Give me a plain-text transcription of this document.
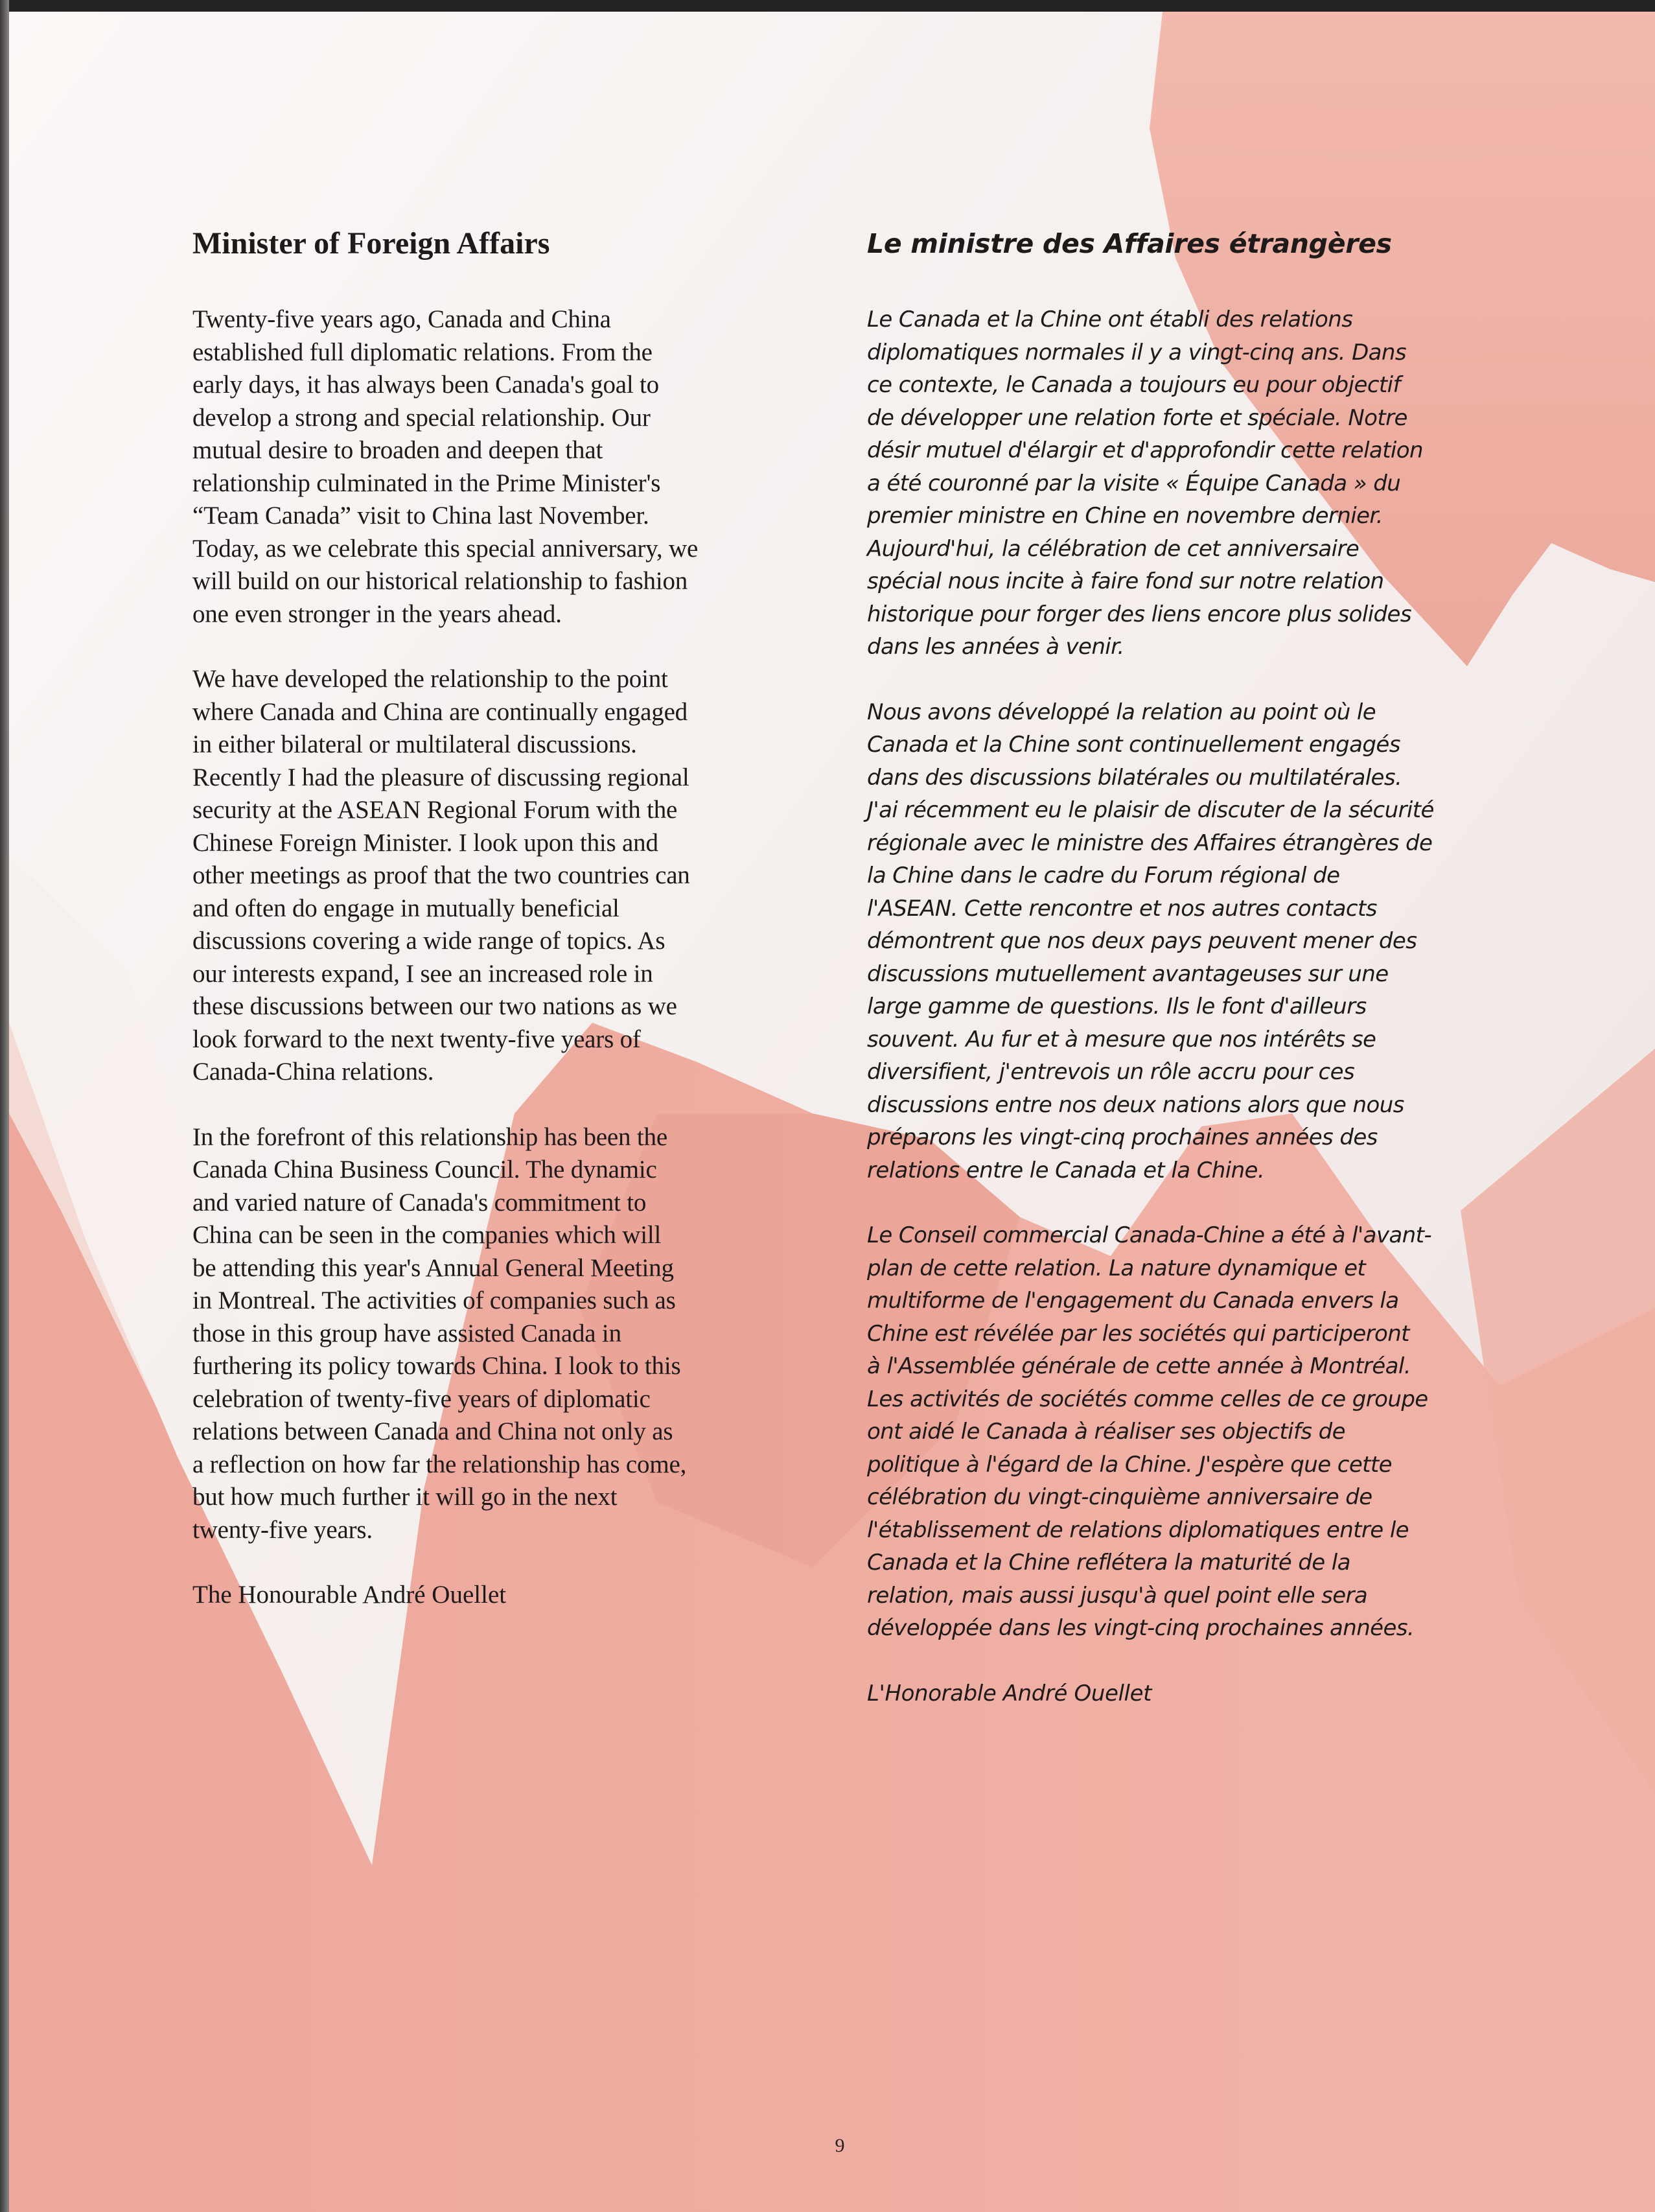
Minister of Foreign Affairs

Twenty-five years ago, Canada and China
established full diplomatic relations. From the
early days, it has always been Canada's goal to
develop a strong and special relationship. Our
mutual desire to broaden and deepen that
relationship culminated in the Prime Minister's
“Team Canada” visit to China last November.
Today, as we celebrate this special anniversary, we
will build on our historical relationship to fashion
one even stronger in the years ahead.

We have developed the relationship to the point
where Canada and China are continually engaged
in either bilateral or multilateral discussions.
Recently I had the pleasure of discussing regional
security at the ASEAN Regional Forum with the
Chinese Foreign Minister. I look upon this and
other meetings as proof that the two countries can
and often do engage in mutually beneficial
discussions covering a wide range of topics. As
our interests expand, I see an increased role in
these discussions between our two nations as we
look forward to the next twenty-five years of
Canada-China relations.

In the forefront of this relationship has been the
Canada China Business Council. The dynamic
and varied nature of Canada's commitment to
China can be seen in the companies which will
be attending this year's Annual General Meeting
in Montreal. The activities of companies such as
those in this group have assisted Canada in
furthering its policy towards China. I look to this
celebration of twenty-five years of diplomatic
relations between Canada and China not only as
a reflection on how far the relationship has come,
but how much further it will go in the next
twenty-five years.

The Honourable André Ouellet

Le ministre des Affaires étrangères

Le Canada et la Chine ont établi des relations
diplomatiques normales il y a vingt-cinq ans. Dans
ce contexte, le Canada a toujours eu pour objectif
de développer une relation forte et spéciale. Notre
désir mutuel d'élargir et d'approfondir cette relation
a été couronné par la visite « Équipe Canada » du
premier ministre en Chine en novembre dernier.
Aujourd'hui, la célébration de cet anniversaire
spécial nous incite à faire fond sur notre relation
historique pour forger des liens encore plus solides
dans les années à venir.

Nous avons développé la relation au point où le
Canada et la Chine sont continuellement engagés
dans des discussions bilatérales ou multilatérales.
J'ai récemment eu le plaisir de discuter de la sécurité
régionale avec le ministre des Affaires étrangères de
la Chine dans le cadre du Forum régional de
l'ASEAN. Cette rencontre et nos autres contacts
démontrent que nos deux pays peuvent mener des
discussions mutuellement avantageuses sur une
large gamme de questions. Ils le font d'ailleurs
souvent. Au fur et à mesure que nos intérêts se
diversifient, j'entrevois un rôle accru pour ces
discussions entre nos deux nations alors que nous
préparons les vingt-cinq prochaines années des
relations entre le Canada et la Chine.

Le Conseil commercial Canada-Chine a été à l'avant-
plan de cette relation. La nature dynamique et
multiforme de l'engagement du Canada envers la
Chine est révélée par les sociétés qui participeront
à l'Assemblée générale de cette année à Montréal.
Les activités de sociétés comme celles de ce groupe
ont aidé le Canada à réaliser ses objectifs de
politique à l'égard de la Chine. J'espère que cette
célébration du vingt-cinquième anniversaire de
l'établissement de relations diplomatiques entre le
Canada et la Chine reflétera la maturité de la
relation, mais aussi jusqu'à quel point elle sera
développée dans les vingt-cinq prochaines années.

L'Honorable André Ouellet

9
